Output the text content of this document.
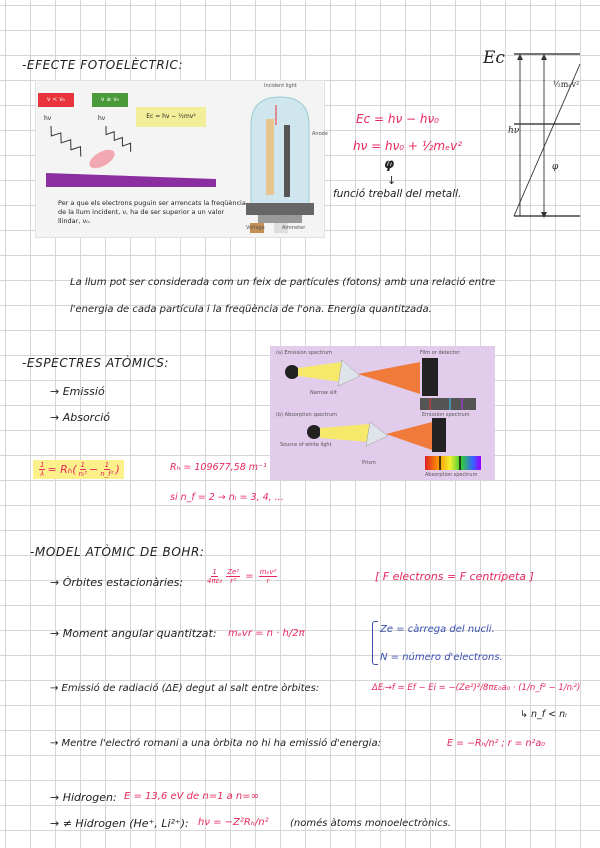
-EFECTE FOTOELÈCTRIC:
ν < ν₀	ν ≥ ν₀
hν	hν	Ec = hν − ½mv²
Per a que els electrons puguin ser arrencats la freqüència de la llum incident, ν, ha de ser superior a un valor llindar, ν₀.
Incident light
Anode
Voltage	Ammeter
Ec = hν − hν₀
hν = hν₀ + ½mₑv²
φ
↓
funció treball del metall.
Ec
½mₑv²
hν
φ
La llum pot ser considerada com un feix de partícules (fotons) amb una relació entre
l'energia de cada partícula i la freqüència de l'ona. Energia quantitzada.
-ESPECTRES ATÒMICS:
→ Emissió
→ Absorció
(a) Emission spectrum	Film or detector
Narrow slit
Emission spectrum
(b) Absorption spectrum
Source of white light
Prism
Absorption spectrum
$\frac{1}{\lambda} = R_h( \frac{1}{\text{nᵢ²}} - \frac{1}{\text{n\_f²}}$ )	Rₕ = 109677,58 m⁻¹
si n_f = 2 → nᵢ = 3, 4, ...
-MODEL ATÒMIC DE BOHR:
→ Òrbites estacionàries:	$\frac{1}{\text{4πε₀}} \frac{\text{Ze²}}{\text{r²}} = \frac{\text{mₑv²}}{r}$	[ F electrons = F centrípeta ]
→ Moment angular quantitzat: mₑvr = n · h/2π	Ze = càrrega del nucli.
N = número d'electrons.
→ Emissió de radiació (ΔE) degut al salt entre òrbites:	ΔEᵢ→f = Ef − Ei = −(Ze²)²/8πε₀a₀ · (1/n_f² − 1/nᵢ²)
↳ n_f < nᵢ
→ Mentre l'electró romani a una òrbita no hi ha emissió d'energia:	E = −Rₕ/n² ; r = n²a₀
→ Hidrogen: E = 13,6 eV de n=1 a n=∞
→ ≠ Hidrogen (He⁺, Li²⁺): hν = −Z²Rₕ/n² (només àtoms monoelectrònics.
